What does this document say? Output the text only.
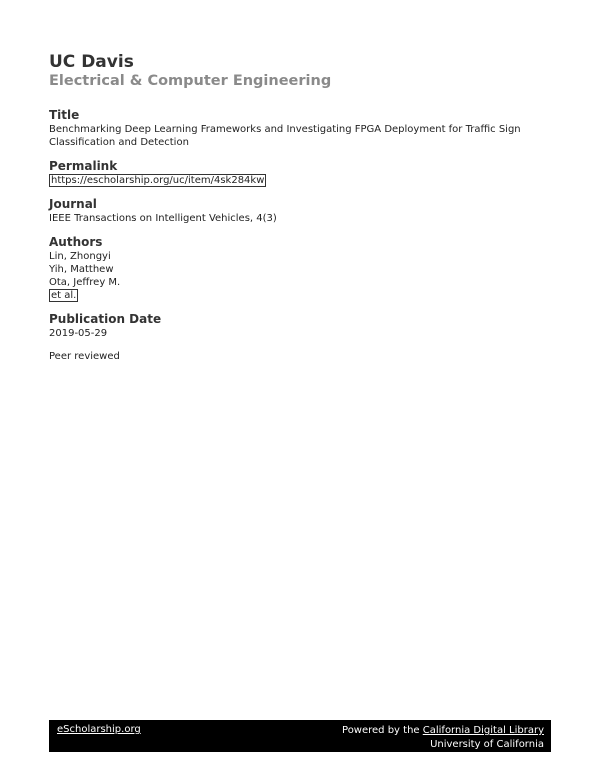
UC Davis

Electrical & Computer Engineering

Title

Benchmarking Deep Learning Frameworks and Investigating FPGA Deployment for Traffic Sign Classification and Detection

Permalink

https://escholarship.org/uc/item/4sk284kw

Journal

IEEE Transactions on Intelligent Vehicles, 4(3)

Authors

Lin, Zhongyi

Yih, Matthew

Ota, Jeffrey M.

et al.

Publication Date

2019-05-29

Peer reviewed

eScholarship.org	Powered by the California Digital Library
University of California
